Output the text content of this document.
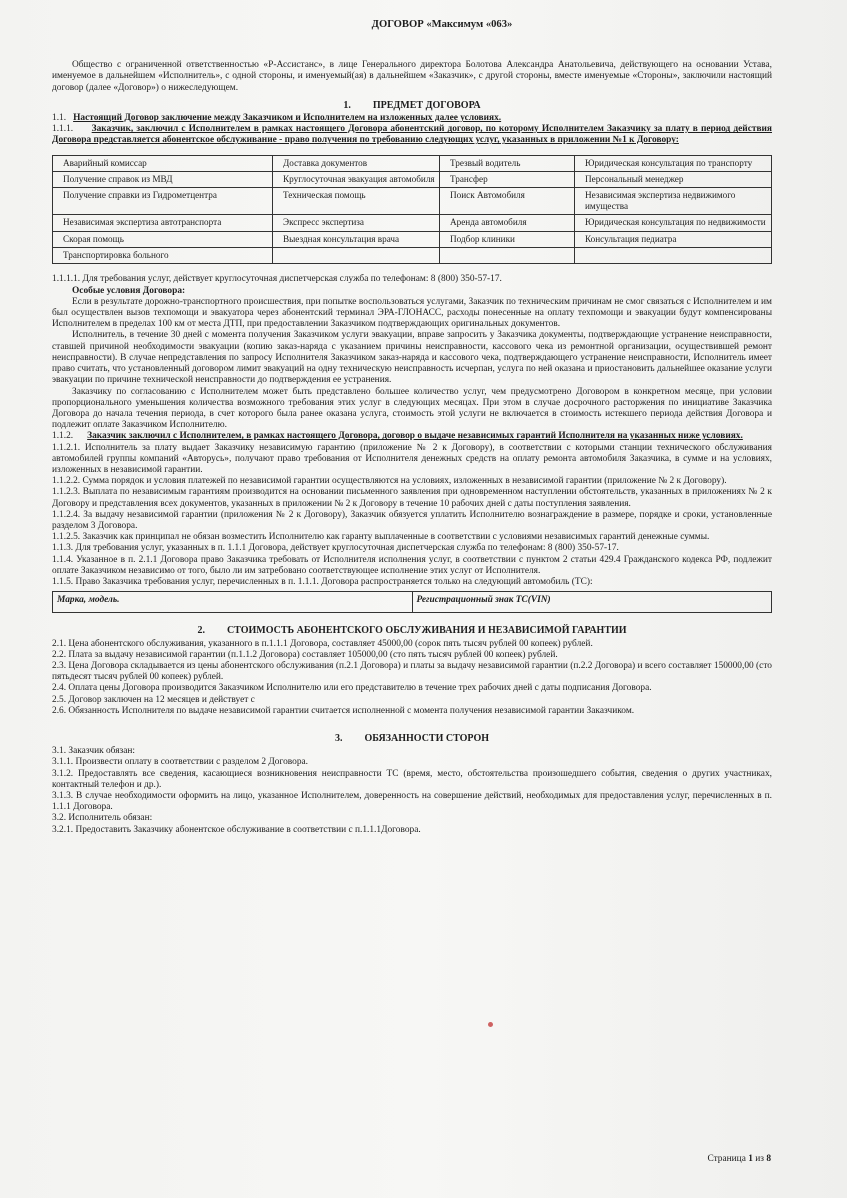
ДОГОВОР «Максимум «063»

Общество с ограниченной ответственностью «Р-Ассистанс», в лице Генерального директора Болотова Александра Анатольевича, действующего на основании Устава, именуемое в дальнейшем «Исполнитель», с одной стороны, и именуемый(ая) в дальнейшем «Заказчик», с другой стороны, вместе именуемые «Стороны», заключили настоящий договор (далее «Договор») о нижеследующем.

1. ПРЕДМЕТ ДОГОВОРА

1.1. Настоящий Договор заключение между Заказчиком и Исполнителем на изложенных далее условиях.

1.1.1. Заказчик, заключил с Исполнителем в рамках настоящего Договора абонентский договор, по которому Исполнителем Заказчику за плату в период действия Договора представляется абонентское обслуживание - право получения по требованию следующих услуг, указанных в приложении №1 к Договору:

Аварийный комиссар	Доставка документов	Трезвый водитель	Юридическая консультация по транспорту
Получение справок из МВД	Круглосуточная эвакуация автомобиля	Трансфер	Персональный менеджер
Получение справки из Гидрометцентра	Техническая помощь	Поиск Автомобиля	Независимая экспертиза недвижимого имущества
Независимая экспертиза автотранспорта	Экспресс экспертиза	Аренда автомобиля	Юридическая консультация по недвижимости
Скорая помощь	Выездная консультация врача	Подбор клиники	Консультация педиатра
Транспортировка больного			

1.1.1.1. Для требования услуг, действует круглосуточная диспетчерская служба по телефонам: 8 (800) 350-57-17.

Особые условия Договора:

Если в результате дорожно-транспортного происшествия, при попытке воспользоваться услугами, Заказчик по техническим причинам не смог связаться с Исполнителем и им был осуществлен вызов техпомощи и эвакуатора через абонентский терминал ЭРА-ГЛОНАСС, расходы понесенные на оплату техпомощи и эвакуации будут компенсированы Исполнителем в пределах 100 км от места ДТП, при предоставлении Заказчиком подтверждающих оригинальных документов.

Исполнитель, в течение 30 дней с момента получения Заказчиком услуги эвакуации, вправе запросить у Заказчика документы, подтверждающие устранение неисправности, ставшей причиной необходимости эвакуации (копию заказ-наряда с указанием причины неисправности, кассового чека из ремонтной организации, осуществившей ремонт неисправности). В случае непредставления по запросу Исполнителя Заказчиком заказ-наряда и кассового чека, подтверждающего устранение неисправности, Исполнитель имеет право считать, что установленный договором лимит эвакуаций на одну техническую неисправность исчерпан, услуга по ней оказана и приостановить дальнейшее оказание услуги эвакуации по причине технической неисправности до подтверждения ее устранения.

Заказчику по согласованию с Исполнителем может быть представлено большее количество услуг, чем предусмотрено Договором в конкретном месяце, при условии пропорционального уменьшения количества возможного требования этих услуг в следующих месяцах. При этом в случае досрочного расторжения по инициативе Заказчика Договора до начала течения периода, в счет которого была ранее оказана услуга, стоимость этой услуги не включается в стоимость истекшего периода действия Договора и подлежит оплате Заказчиком Исполнителю.

1.1.2. Заказчик заключил с Исполнителем, в рамках настоящего Договора, договор о выдаче независимых гарантий Исполнителя на указанных ниже условиях.

1.1.2.1. Исполнитель за плату выдает Заказчику независимую гарантию (приложение № 2 к Договору), в соответствии с которыми станции технического обслуживания автомобилей группы компаний «Авторусь», получают право требования от Исполнителя денежных средств на оплату ремонта автомобиля Заказчика, в сумме и на условиях, изложенных в независимой гарантии.

1.1.2.2. Сумма порядок и условия платежей по независимой гарантии осуществляются на условиях, изложенных в независимой гарантии (приложение № 2 к Договору).

1.1.2.3. Выплата по независимым гарантиям производится на основании письменного заявления при одновременном наступлении обстоятельств, указанных в приложениях № 2 к Договору и представления всех документов, указанных в приложении № 2 к Договору в течение 10 рабочих дней с даты поступления заявления.

1.1.2.4. За выдачу независимой гарантии (приложения № 2 к Договору), Заказчик обязуется уплатить Исполнителю вознаграждение в размере, порядке и сроки, установленные разделом 3 Договора.

1.1.2.5. Заказчик как принципал не обязан возместить Исполнителю как гаранту выплаченные в соответствии с условиями независимых гарантий денежные суммы.

1.1.3. Для требования услуг, указанных в п. 1.1.1 Договора, действует круглосуточная диспетчерская служба по телефонам: 8 (800) 350-57-17.

1.1.4. Указанное в п. 2.1.1 Договора право Заказчика требовать от Исполнителя исполнения услуг, в соответствии с пунктом 2 статьи 429.4 Гражданского кодекса РФ, подлежит оплате Заказчиком независимо от того, было ли им затребовано соответствующее исполнение этих услуг от Исполнителя.

1.1.5. Право Заказчика требования услуг, перечисленных в п. 1.1.1. Договора распространяется только на следующий автомобиль (ТС):

Марка, модель.	Регистрационный знак ТС(VIN)
2. СТОИМОСТЬ АБОНЕНТСКОГО ОБСЛУЖИВАНИЯ И НЕЗАВИСИМОЙ ГАРАНТИИ

2.1. Цена абонентского обслуживания, указанного в п.1.1.1 Договора, составляет 45000,00 (сорок пять тысяч рублей 00 копеек) рублей.

2.2. Плата за выдачу независимой гарантии (п.1.1.2 Договора) составляет 105000,00 (сто пять тысяч рублей 00 копеек) рублей.

2.3. Цена Договора складывается из цены абонентского обслуживания (п.2.1 Договора) и платы за выдачу независимой гарантии (п.2.2 Договора) и всего составляет 150000,00 (сто пятьдесят тысяч рублей 00 копеек) рублей.

2.4. Оплата цены Договора производится Заказчиком Исполнителю или его представителю в течение трех рабочих дней с даты подписания Договора.

2.5. Договор заключен на 12 месяцев и действует с

2.6. Обязанность Исполнителя по выдаче независимой гарантии считается исполненной с момента получения независимой гарантии Заказчиком.

3. ОБЯЗАННОСТИ СТОРОН

3.1. Заказчик обязан:

3.1.1. Произвести оплату в соответствии с разделом 2 Договора.

3.1.2. Предоставлять все сведения, касающиеся возникновения неисправности ТС (время, место, обстоятельства произошедшего события, сведения о других участниках, контактный телефон и др.).

3.1.3. В случае необходимости оформить на лицо, указанное Исполнителем, доверенность на совершение действий, необходимых для предоставления услуг, перечисленных в п. 1.1.1 Договора.

3.2. Исполнитель обязан:

3.2.1. Предоставить Заказчику абонентское обслуживание в соответствии с п.1.1.1Договора.

Страница 1 из 8
